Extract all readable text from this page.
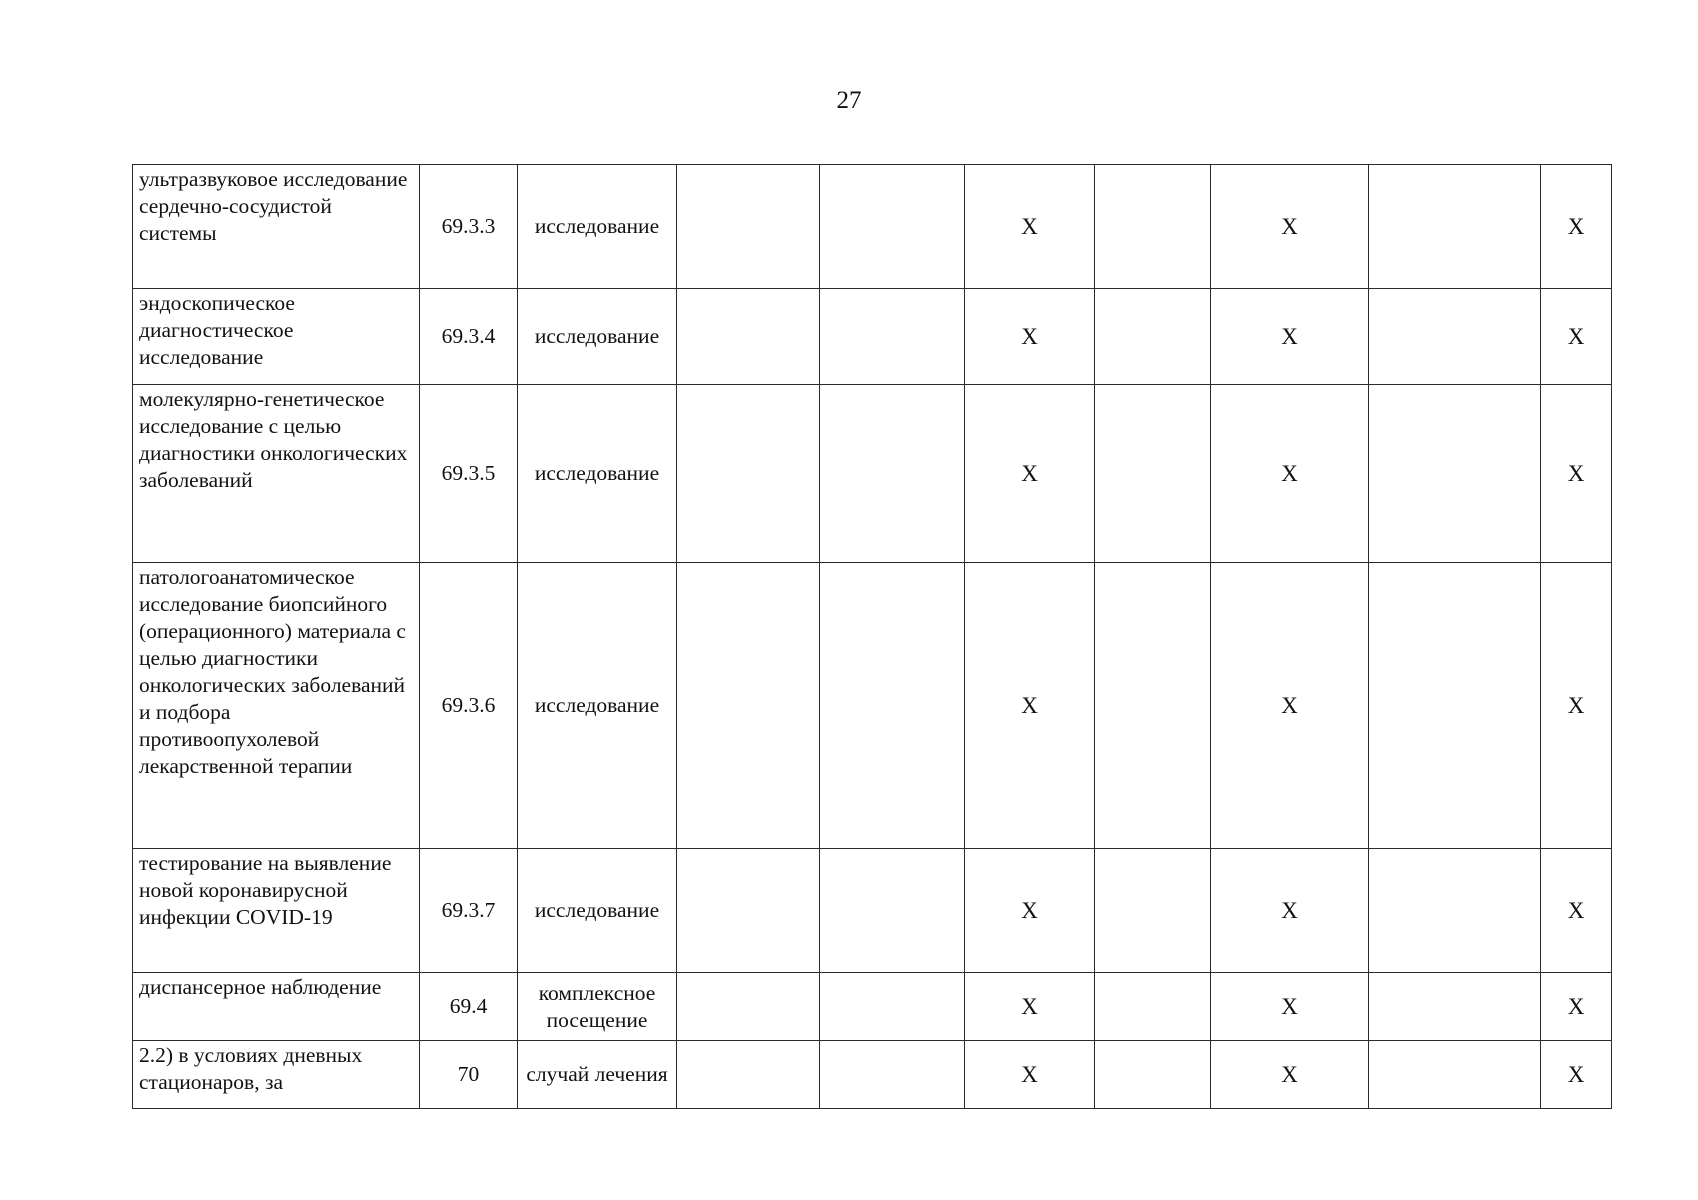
27
ультразвуковое исследование сердечно-сосудистой системы	69.3.3	исследование			X		X		X
эндоскопическое диагностическое исследование	69.3.4	исследование			X		X		X
молекулярно-генетическое исследование с целью диагностики онкологических заболеваний	69.3.5	исследование			X		X		X
патологоанатомическое исследование биопсийного (операционного) материала с целью диагностики онкологических заболеваний и подбора противоопухолевой лекарственной терапии	69.3.6	исследование			X		X		X
тестирование на выявление новой коронавирусной инфекции COVID-19	69.3.7	исследование			X		X		X
диспансерное наблюдение	69.4	комплексное посещение			X		X		X
2.2) в условиях дневных стационаров, за	70	случай лечения			X		X		X
